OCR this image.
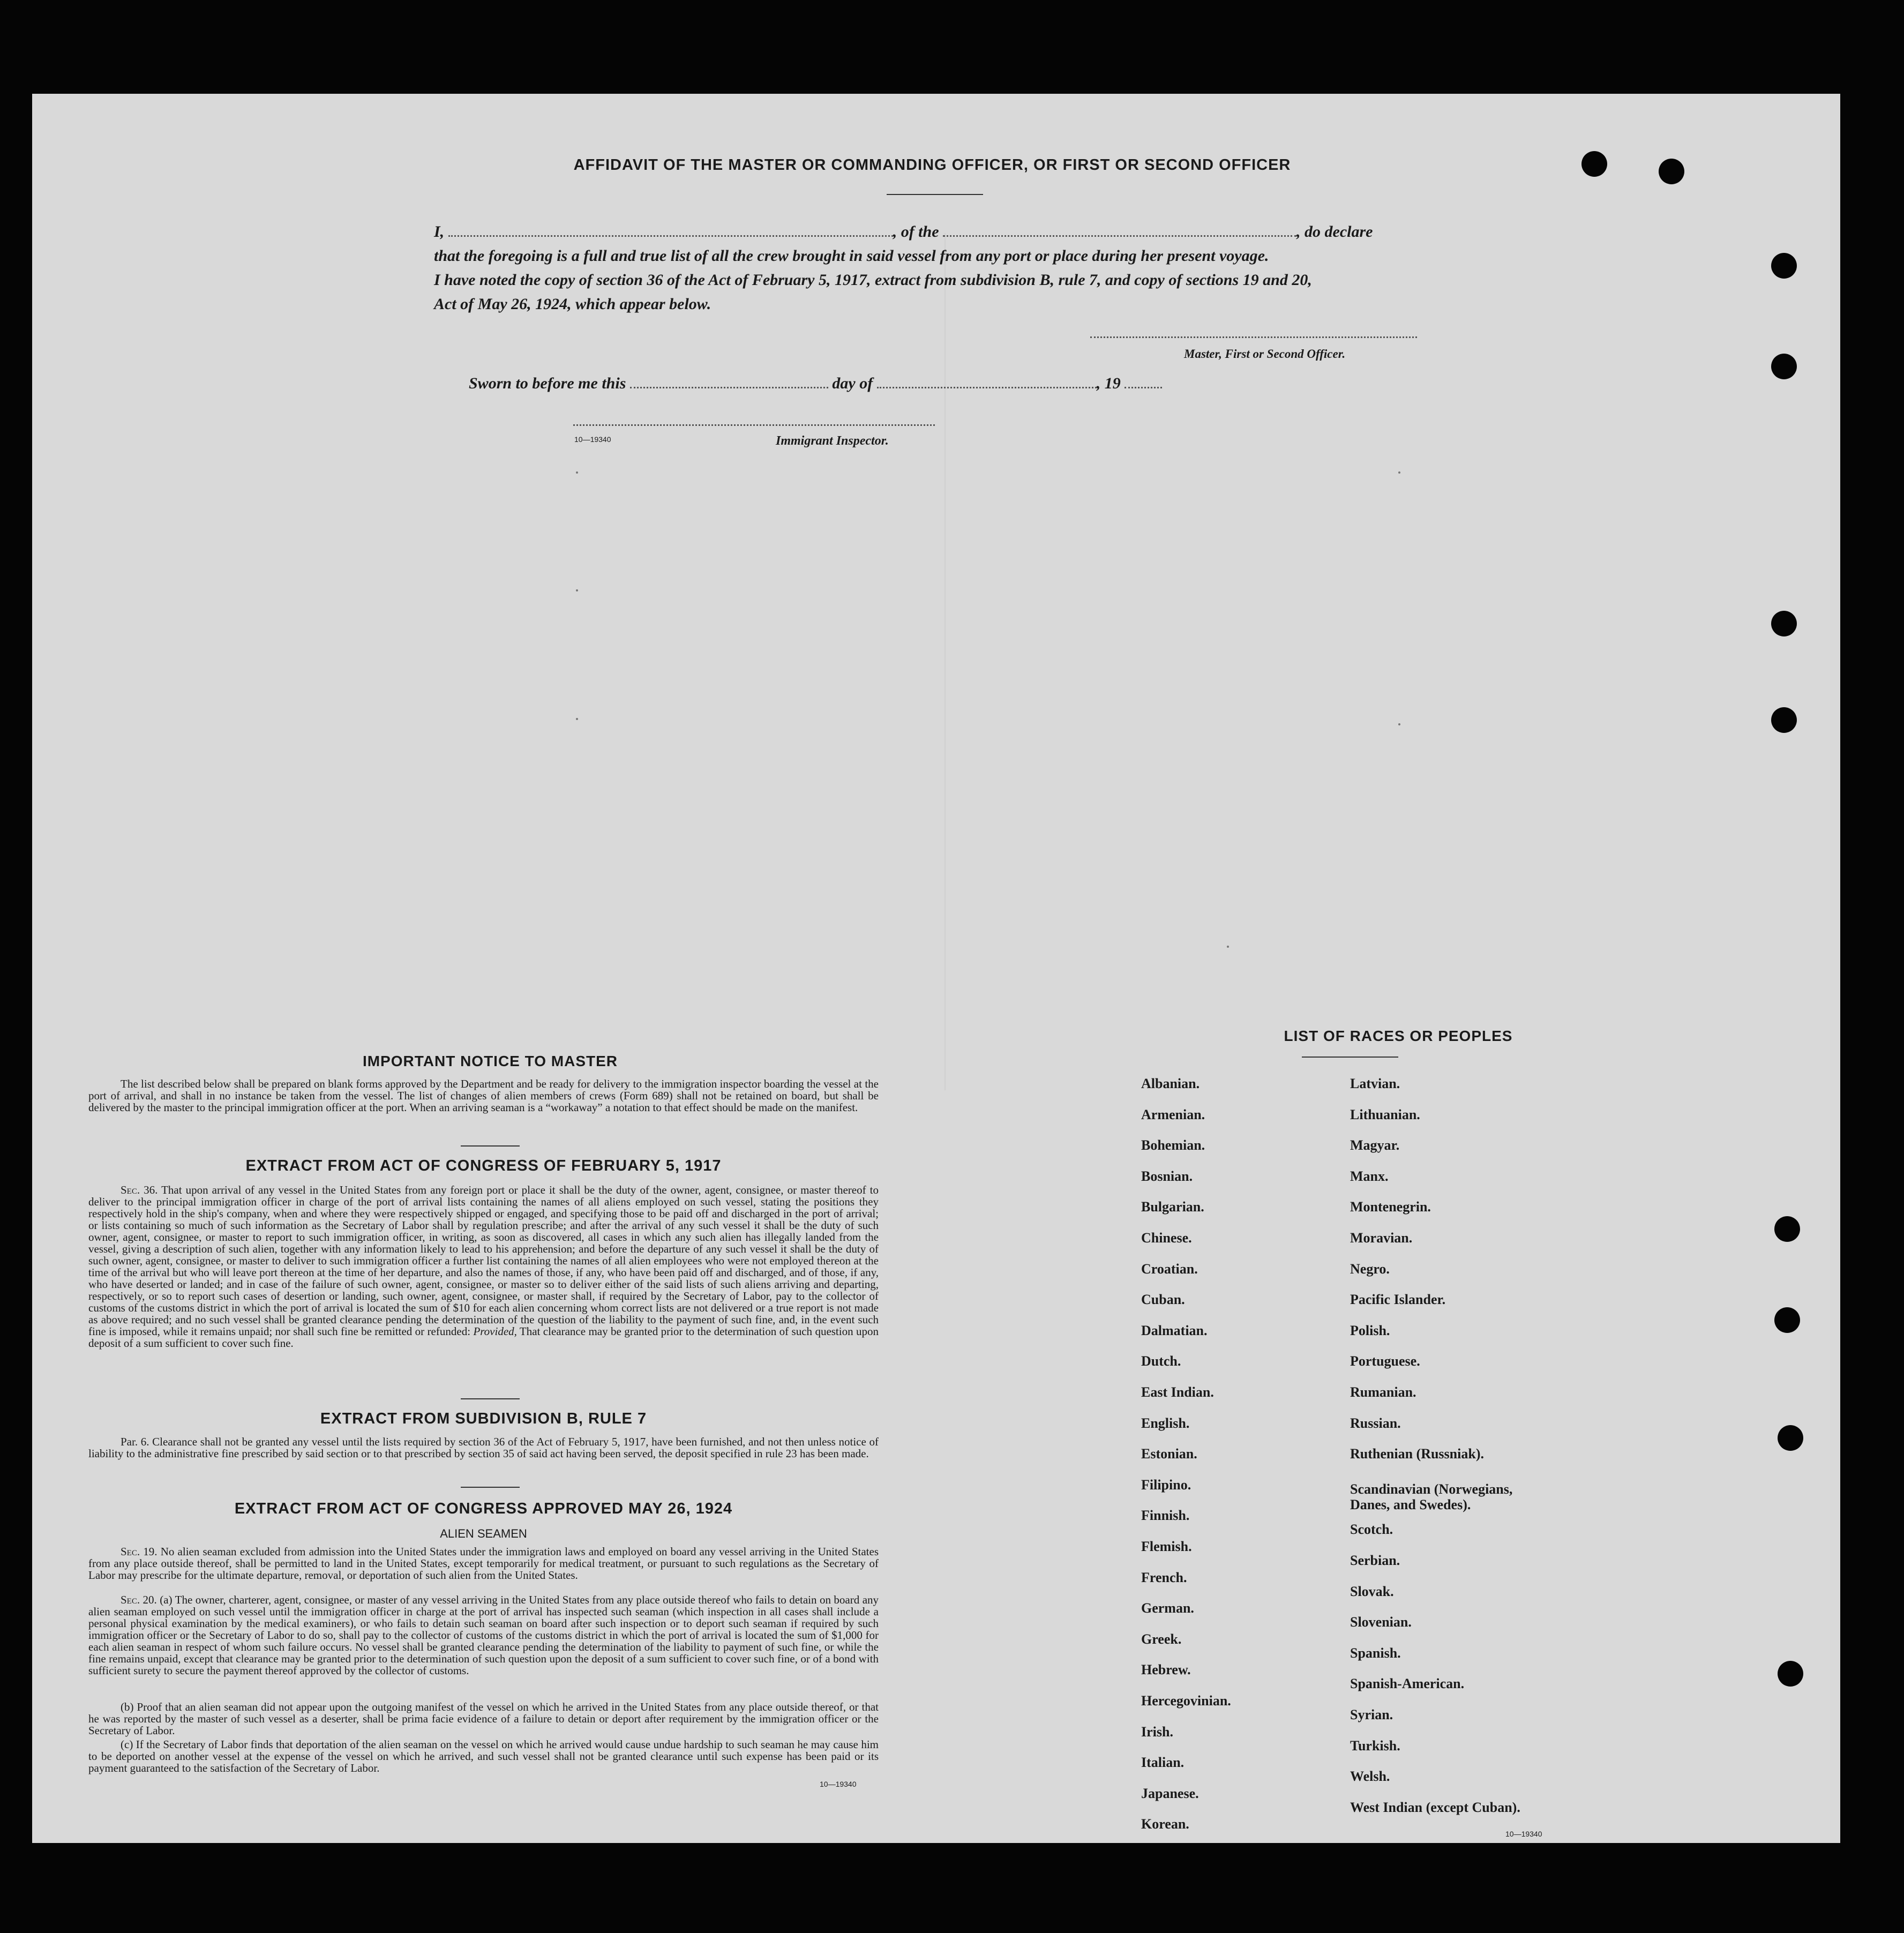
AFFIDAVIT OF THE MASTER OR COMMANDING OFFICER, OR FIRST OR SECOND OFFICER
I,	, of the	, do declare
that the foregoing is a full and true list of all the crew brought in said vessel from any port or place during her present voyage.
I have noted the copy of section 36 of the Act of February 5, 1917, extract from subdivision B, rule 7, and copy of sections 19 and 20,
Act of May 26, 1924, which appear below.
Master, First or Second Officer.
Sworn to before me this	day of	, 19
10—19340	Immigrant Inspector.
IMPORTANT NOTICE TO MASTER
The list described below shall be prepared on blank forms approved by the Department and be ready for delivery to the immigration inspector boarding the vessel at the port of arrival, and shall in no instance be taken from the vessel. The list of changes of alien members of crews (Form 689) shall not be retained on board, but shall be delivered by the master to the principal immigration officer at the port. When an arriving seaman is a “workaway” a notation to that effect should be made on the manifest.
EXTRACT FROM ACT OF CONGRESS OF FEBRUARY 5, 1917
Sec. 36. That upon arrival of any vessel in the United States from any foreign port or place it shall be the duty of the owner, agent, consignee, or master thereof to deliver to the principal immigration officer in charge of the port of arrival lists containing the names of all aliens employed on such vessel, stating the positions they respectively hold in the ship's company, when and where they were respectively shipped or engaged, and specifying those to be paid off and discharged in the port of arrival; or lists containing so much of such information as the Secretary of Labor shall by regulation prescribe; and after the arrival of any such vessel it shall be the duty of such owner, agent, consignee, or master to report to such immigration officer, in writing, as soon as discovered, all cases in which any such alien has illegally landed from the vessel, giving a description of such alien, together with any information likely to lead to his apprehension; and before the departure of any such vessel it shall be the duty of such owner, agent, consignee, or master to deliver to such immigration officer a further list containing the names of all alien employees who were not employed thereon at the time of the arrival but who will leave port thereon at the time of her departure, and also the names of those, if any, who have been paid off and discharged, and of those, if any, who have deserted or landed; and in case of the failure of such owner, agent, consignee, or master so to deliver either of the said lists of such aliens arriving and departing, respectively, or so to report such cases of desertion or landing, such owner, agent, consignee, or master shall, if required by the Secretary of Labor, pay to the collector of customs of the customs district in which the port of arrival is located the sum of $10 for each alien concerning whom correct lists are not delivered or a true report is not made as above required; and no such vessel shall be granted clearance pending the determination of the question of the liability to the payment of such fine, and, in the event such fine is imposed, while it remains unpaid; nor shall such fine be remitted or refunded: Provided, That clearance may be granted prior to the determination of such question upon deposit of a sum sufficient to cover such fine.
EXTRACT FROM SUBDIVISION B, RULE 7
Par. 6. Clearance shall not be granted any vessel until the lists required by section 36 of the Act of February 5, 1917, have been furnished, and not then unless notice of liability to the administrative fine prescribed by said section or to that prescribed by section 35 of said act having been served, the deposit specified in rule 23 has been made.
EXTRACT FROM ACT OF CONGRESS APPROVED MAY 26, 1924
ALIEN SEAMEN
Sec. 19. No alien seaman excluded from admission into the United States under the immigration laws and employed on board any vessel arriving in the United States from any place outside thereof, shall be permitted to land in the United States, except temporarily for medical treatment, or pursuant to such regulations as the Secretary of Labor may prescribe for the ultimate departure, removal, or deportation of such alien from the United States.
Sec. 20. (a) The owner, charterer, agent, consignee, or master of any vessel arriving in the United States from any place outside thereof who fails to detain on board any alien seaman employed on such vessel until the immigration officer in charge at the port of arrival has inspected such seaman (which inspection in all cases shall include a personal physical examination by the medical examiners), or who fails to detain such seaman on board after such inspection or to deport such seaman if required by such immigration officer or the Secretary of Labor to do so, shall pay to the collector of customs of the customs district in which the port of arrival is located the sum of $1,000 for each alien seaman in respect of whom such failure occurs. No vessel shall be granted clearance pending the determination of the liability to payment of such fine, or while the fine remains unpaid, except that clearance may be granted prior to the determination of such question upon the deposit of a sum sufficient to cover such fine, or of a bond with sufficient surety to secure the payment thereof approved by the collector of customs.
(b) Proof that an alien seaman did not appear upon the outgoing manifest of the vessel on which he arrived in the United States from any place outside thereof, or that he was reported by the master of such vessel as a deserter, shall be prima facie evidence of a failure to detain or deport after requirement by the immigration officer or the Secretary of Labor.
(c) If the Secretary of Labor finds that deportation of the alien seaman on the vessel on which he arrived would cause undue hardship to such seaman he may cause him to be deported on another vessel at the expense of the vessel on which he arrived, and such vessel shall not be granted clearance until such expense has been paid or its payment guaranteed to the satisfaction of the Secretary of Labor.
10—19340
LIST OF RACES OR PEOPLES
Albanian.
Armenian.
Bohemian.
Bosnian.
Bulgarian.
Chinese.
Croatian.
Cuban.
Dalmatian.
Dutch.
East Indian.
English.
Estonian.
Filipino.
Finnish.
Flemish.
French.
German.
Greek.
Hebrew.
Hercegovinian.
Irish.
Italian.
Japanese.
Korean.
Latvian.
Lithuanian.
Magyar.
Manx.
Montenegrin.
Moravian.
Negro.
Pacific Islander.
Polish.
Portuguese.
Rumanian.
Russian.
Ruthenian (Russniak).
Scandinavian (Norwegians, Danes, and Swedes).
Scotch.
Serbian.
Slovak.
Slovenian.
Spanish.
Spanish-American.
Syrian.
Turkish.
Welsh.
West Indian (except Cuban).
10—19340
